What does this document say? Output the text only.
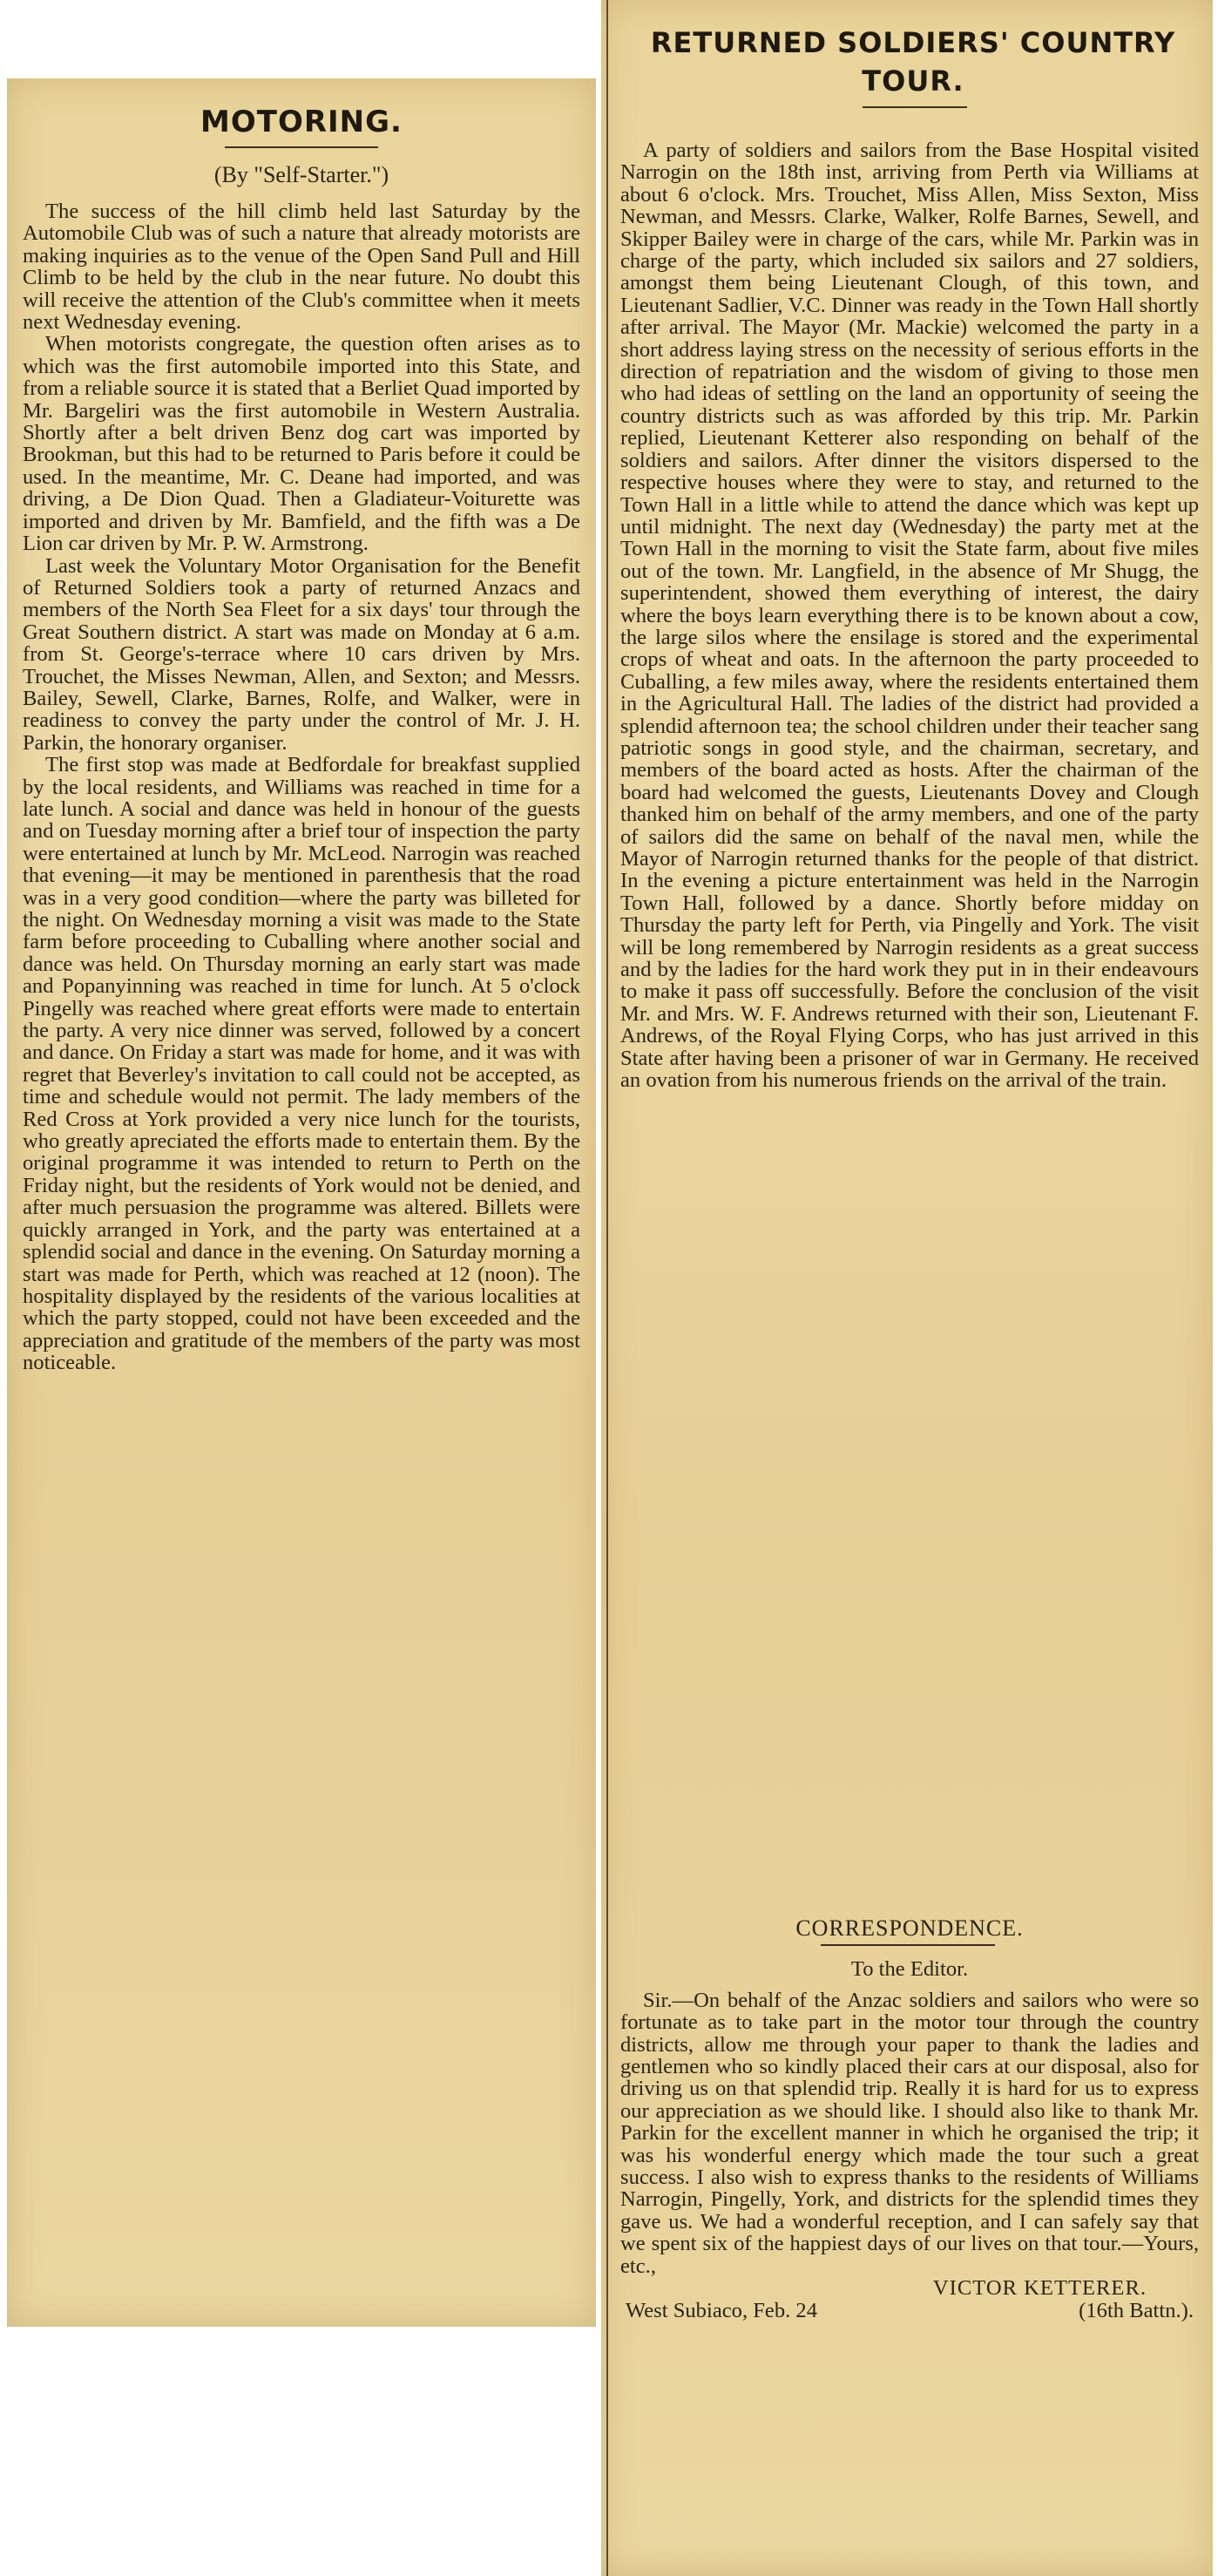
MOTORING.
(By "Self-Starter.")

The success of the hill climb held last Saturday by the Automobile Club was of such a nature that already motorists are making inquiries as to the venue of the Open Sand Pull and Hill Climb to be held by the club in the near future. No doubt this will receive the attention of the Club's committee when it meets next Wednesday evening.

When motorists congregate, the question often arises as to which was the first automobile imported into this State, and from a reliable source it is stated that a Berliet Quad imported by Mr. Bargeliri was the first automobile in Western Australia. Shortly after a belt driven Benz dog cart was imported by Brookman, but this had to be returned to Paris before it could be used. In the meantime, Mr. C. Deane had imported, and was driving, a De Dion Quad. Then a Gladiateur-Voiturette was imported and driven by Mr. Bamfield, and the fifth was a De Lion car driven by Mr. P. W. Armstrong.

Last week the Voluntary Motor Organisation for the Benefit of Returned Soldiers took a party of returned Anzacs and members of the North Sea Fleet for a six days' tour through the Great Southern district. A start was made on Monday at 6 a.m. from St. George's-terrace where 10 cars driven by Mrs. Trouchet, the Misses Newman, Allen, and Sexton; and Messrs. Bailey, Sewell, Clarke, Barnes, Rolfe, and Walker, were in readiness to convey the party under the control of Mr. J. H. Parkin, the honorary organiser.

The first stop was made at Bedfordale for breakfast supplied by the local residents, and Williams was reached in time for a late lunch. A social and dance was held in honour of the guests and on Tuesday morning after a brief tour of inspection the party were entertained at lunch by Mr. McLeod. Narrogin was reached that evening—it may be mentioned in parenthesis that the road was in a very good condition—where the party was billeted for the night. On Wednesday morning a visit was made to the State farm before proceeding to Cuballing where another social and dance was held. On Thursday morning an early start was made and Popanyinning was reached in time for lunch. At 5 o'clock Pingelly was reached where great efforts were made to entertain the party. A very nice dinner was served, followed by a concert and dance. On Friday a start was made for home, and it was with regret that Beverley's invitation to call could not be accepted, as time and schedule would not permit. The lady members of the Red Cross at York provided a very nice lunch for the tourists, who greatly apreciated the efforts made to entertain them. By the original programme it was intended to return to Perth on the Friday night, but the residents of York would not be denied, and after much persuasion the programme was altered. Billets were quickly arranged in York, and the party was entertained at a splendid social and dance in the evening. On Saturday morning a start was made for Perth, which was reached at 12 (noon). The hospitality displayed by the residents of the various localities at which the party stopped, could not have been exceeded and the appreciation and gratitude of the members of the party was most noticeable.

RETURNED SOLDIERS' COUNTRY
TOUR.

A party of soldiers and sailors from the Base Hospital visited Narrogin on the 18th inst, arriving from Perth via Williams at about 6 o'clock. Mrs. Trouchet, Miss Allen, Miss Sexton, Miss Newman, and Messrs. Clarke, Walker, Rolfe Barnes, Sewell, and Skipper Bailey were in charge of the cars, while Mr. Parkin was in charge of the party, which included six sailors and 27 soldiers, amongst them being Lieutenant Clough, of this town, and Lieutenant Sadlier, V.C. Dinner was ready in the Town Hall shortly after arrival. The Mayor (Mr. Mackie) welcomed the party in a short address laying stress on the necessity of serious efforts in the direction of repatriation and the wisdom of giving to those men who had ideas of settling on the land an opportunity of seeing the country districts such as was afforded by this trip. Mr. Parkin replied, Lieutenant Ketterer also responding on behalf of the soldiers and sailors. After dinner the visitors dispersed to the respective houses where they were to stay, and returned to the Town Hall in a little while to attend the dance which was kept up until midnight. The next day (Wednesday) the party met at the Town Hall in the morning to visit the State farm, about five miles out of the town. Mr. Langfield, in the absence of Mr Shugg, the superintendent, showed them everything of interest, the dairy where the boys learn everything there is to be known about a cow, the large silos where the ensilage is stored and the experimental crops of wheat and oats. In the afternoon the party proceeded to Cuballing, a few miles away, where the residents entertained them in the Agricultural Hall. The ladies of the district had provided a splendid afternoon tea; the school children under their teacher sang patriotic songs in good style, and the chairman, secretary, and members of the board acted as hosts. After the chairman of the board had welcomed the guests, Lieutenants Dovey and Clough thanked him on behalf of the army members, and one of the party of sailors did the same on behalf of the naval men, while the Mayor of Narrogin returned thanks for the people of that district. In the evening a picture entertainment was held in the Narrogin Town Hall, followed by a dance. Shortly before midday on Thursday the party left for Perth, via Pingelly and York. The visit will be long remembered by Narrogin residents as a great success and by the ladies for the hard work they put in in their endeavours to make it pass off successfully. Before the conclusion of the visit Mr. and Mrs. W. F. Andrews returned with their son, Lieutenant F. Andrews, of the Royal Flying Corps, who has just arrived in this State after having been a prisoner of war in Germany. He received an ovation from his numerous friends on the arrival of the train.

CORRESPONDENCE.
To the Editor.

Sir.—On behalf of the Anzac soldiers and sailors who were so fortunate as to take part in the motor tour through the country districts, allow me through your paper to thank the ladies and gentlemen who so kindly placed their cars at our disposal, also for driving us on that splendid trip. Really it is hard for us to express our appreciation as we should like. I should also like to thank Mr. Parkin for the excellent manner in which he organised the trip; it was his wonderful energy which made the tour such a great success. I also wish to express thanks to the residents of Williams Narrogin, Pingelly, York, and districts for the splendid times they gave us. We had a wonderful reception, and I can safely say that we spent six of the happiest days of our lives on that tour.—Yours, etc.,

VICTOR KETTERER.
West Subiaco, Feb. 24	(16th Battn.).
